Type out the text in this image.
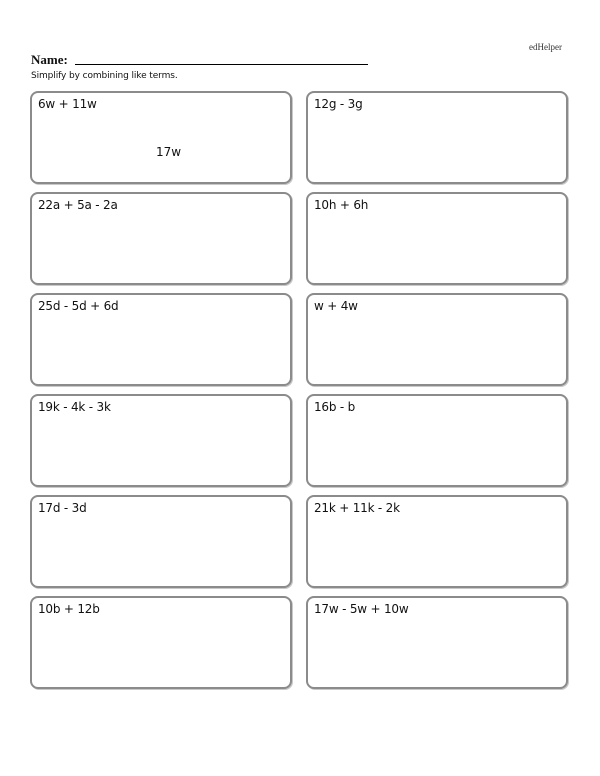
edHelper
Name:
Simplify by combining like terms.
6w + 11w
17w
12g - 3g
22a + 5a - 2a	10h + 6h
25d - 5d + 6d	w + 4w
19k - 4k - 3k	16b - b
17d - 3d	21k + 11k - 2k
10b + 12b	17w - 5w + 10w
